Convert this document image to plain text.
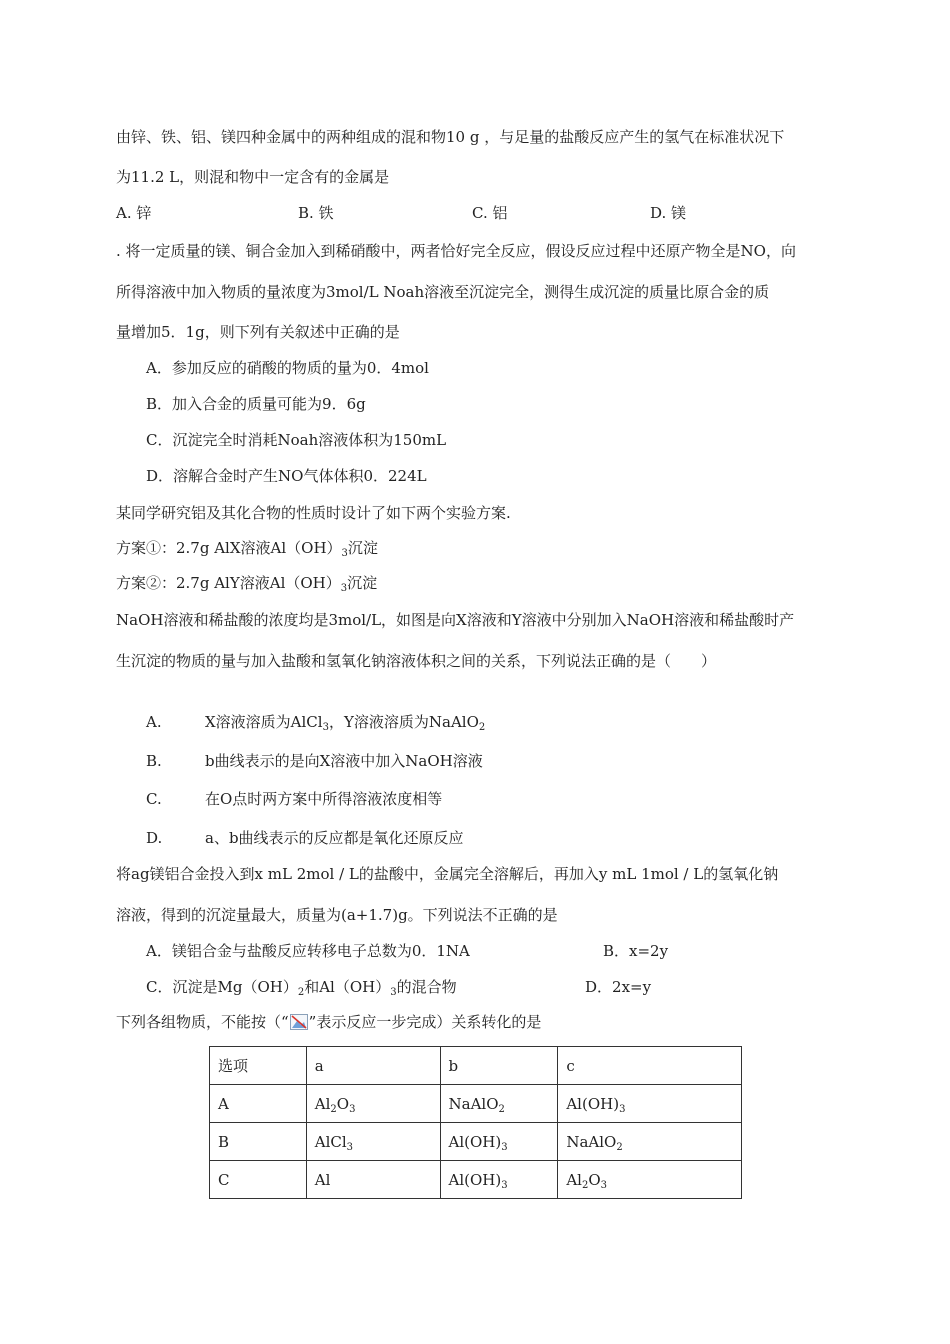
由锌、铁、铝、镁四种金属中的两种组成的混和物10 g ，与足量的盐酸反应产生的氢气在标准状况下
为11.2 L，则混和物中一定含有的金属是
A. 锌	B. 铁	C. 铝	D. 镁
. 将一定质量的镁、铜合金加入到稀硝酸中，两者恰好完全反应，假设反应过程中还原产物全是NO，向
所得溶液中加入物质的量浓度为3mol/L Noah溶液至沉淀完全，测得生成沉淀的质量比原合金的质
量增加5．1g，则下列有关叙述中正确的是
A．参加反应的硝酸的物质的量为0．4mol
B．加入合金的质量可能为9．6g
C．沉淀完全时消耗Noah溶液体积为150mL
D．溶解合金时产生NO气体体积0．224L
某同学研究铝及其化合物的性质时设计了如下两个实验方案.
方案①：2.7g AlX溶液$Al(OH)_3$沉淀
方案②：2.7g AlY溶液$Al(OH)_3$沉淀
NaOH溶液和稀盐酸的浓度均是3mol/L，如图是向X溶液和Y溶液中分别加入NaOH溶液和稀盐酸时产
生沉淀的物质的量与加入盐酸和氢氧化钠溶液体积之间的关系，下列说法正确的是（　　）
A.	X溶液溶质为AlCl$_3$，Y溶液溶质为NaAlO$_2$
B.	b曲线表示的是向X溶液中加入NaOH溶液
C.	在O点时两方案中所得溶液浓度相等
D.	a、b曲线表示的反应都是氧化还原反应
将ag镁铝合金投入到x mL 2mol / L的盐酸中，金属完全溶解后，再加入y mL 1mol / L的氢氧化钠
溶液，得到的沉淀量最大，质量为(a+1.7)g。下列说法不正确的是
A．镁铝合金与盐酸反应转移电子总数为0．1NA	B．x=2y
C．沉淀是$Mg(OH)_2$和$Al(OH)_3$的混合物	D．2x=y
下列各组物质，不能按（“ ”表示反应一步完成）关系转化的是
选项	a	b	c
A	$Al_2O_3$	NaAlO$_2$	$Al(OH)_3$
B	AlCl$_3$	$Al(OH)_3$	NaAlO$_2$
C	Al	$Al(OH)_3$	$Al_2O_3$
